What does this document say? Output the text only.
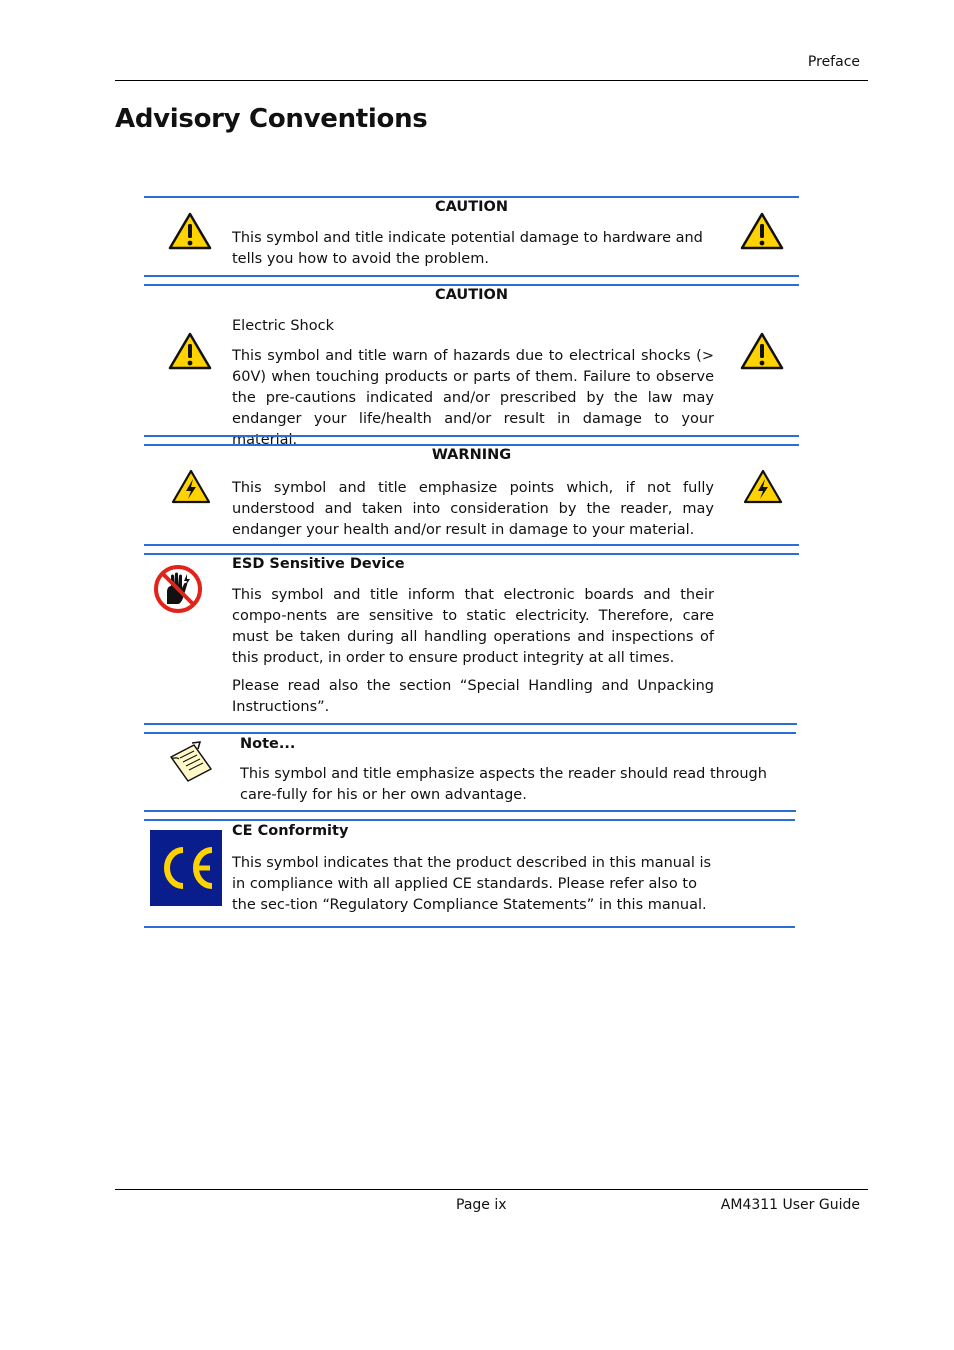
Preface
Advisory Conventions
CAUTION

This symbol and title indicate potential damage to hardware and tells you how to avoid the problem.

CAUTION

Electric Shock

This symbol and title warn of hazards due to electrical shocks (> 60V) when touching products or parts of them. Failure to observe the pre-cautions indicated and/or prescribed by the law may endanger your life/health and/or result in damage to your material.

WARNING

This symbol and title emphasize points which, if not fully understood and taken into consideration by the reader, may endanger your health and/or result in damage to your material.

ESD Sensitive Device

This symbol and title inform that electronic boards and their compo-nents are sensitive to static electricity. Therefore, care must be taken during all handling operations and inspections of this product, in order to ensure product integrity at all times.

Please read also the section “Special Handling and Unpacking Instructions”.

Note...

This symbol and title emphasize aspects the reader should read through care-fully for his or her own advantage.

CE Conformity

This symbol indicates that the product described in this manual is in compliance with all applied CE standards. Please refer also to the sec-tion “Regulatory Compliance Statements” in this manual.

Page ix	AM4311 User Guide
